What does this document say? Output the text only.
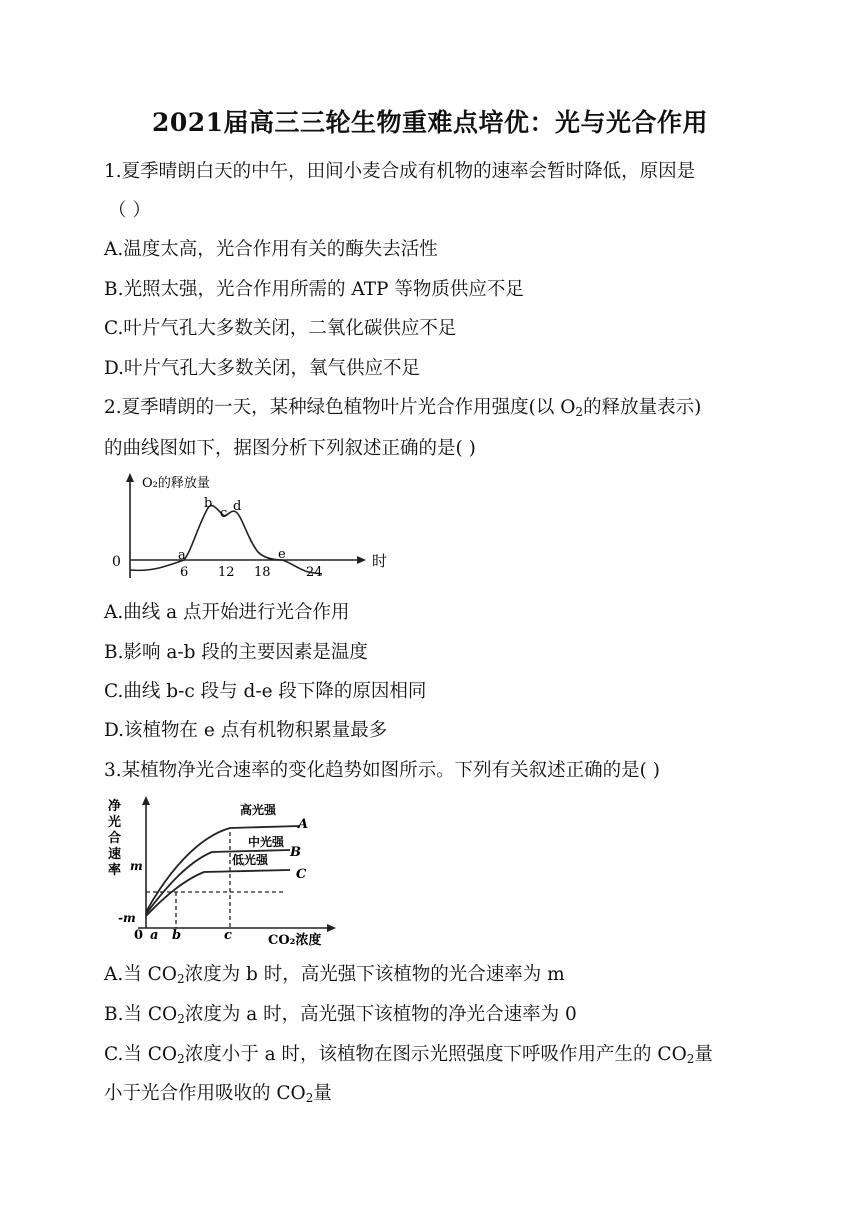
2021届高三三轮生物重难点培优：光与光合作用
1.夏季晴朗白天的中午，田间小麦合成有机物的速率会暂时降低，原因是
（ ）
A.温度太高，光合作用有关的酶失去活性
B.光照太强，光合作用所需的 ATP 等物质供应不足
C.叶片气孔大多数关闭，二氧化碳供应不足
D.叶片气孔大多数关闭，氧气供应不足
2.夏季晴朗的一天，某种绿色植物叶片光合作用强度(以 $O_2$的释放量表示)
的曲线图如下，据图分析下列叙述正确的是( )
O₂的释放量
时
0	a
b
c d
e
6 12 18	24
A.曲线 a 点开始进行光合作用
B.影响 a-b 段的主要因素是温度
C.曲线 b-c 段与 d-e 段下降的原因相同
D.该植物在 e 点有机物积累量最多
3.某植物净光合速率的变化趋势如图所示。下列有关叙述正确的是( )
净
光
合
速
率 m
-m
0 a b	c	CO₂浓度
高光强
中光强
低光强
A
B
C
A.当 $CO_2$浓度为 b 时，高光强下该植物的光合速率为 m
B.当 $CO_2$浓度为 a 时，高光强下该植物的净光合速率为 0
C.当 $CO_2$浓度小于 a 时，该植物在图示光照强度下呼吸作用产生的 $CO_2$量
小于光合作用吸收的 $CO_2$量
